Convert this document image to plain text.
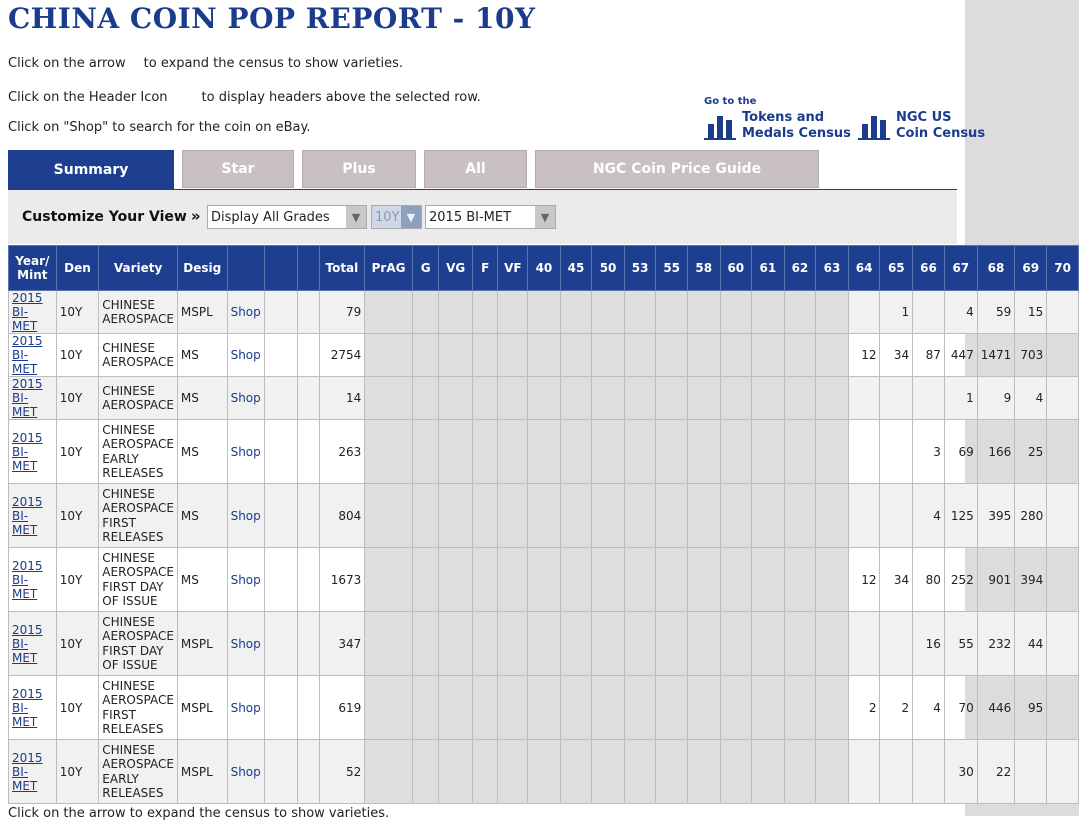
CHINA COIN POP REPORT - 10Y
Click on the arrow to expand the census to show varieties.
Click on the Header Icon	to display headers above the selected row.
Click on "Shop" to search for the coin on eBay.
Go to the
Tokens and
Medals Census
NGC US
Coin Census
Summary	Star	Plus	All	NGC Coin Price Guide
Customize Your View » Display All Grades	▼	10Y ▼	2015 BI-MET	▼
Year/ Mint	Den	Variety	Desig				Total	PrAG	G	VG	F	VF	40	45	50	53	55	58	60	61	62	63	64	65	66	67	68	69	70

2015
BI-MET	10Y	CHINESE
AEROSPACE	MSPL	Shop			79																	1		4	59	15	

2015
BI-MET	10Y	CHINESE
AEROSPACE	MS	Shop			2754																12	34	87	447	1471	703	

2015
BI-MET	10Y	CHINESE
AEROSPACE	MS	Shop			14																			1	9	4	

2015
BI-MET	10Y	CHINESE
AEROSPACE
EARLY
RELEASES	MS	Shop			263																		3	69	166	25	

2015
BI-MET	10Y	CHINESE
AEROSPACE
FIRST
RELEASES	MS	Shop			804																		4	125	395	280	

2015
BI-MET	10Y	CHINESE
AEROSPACE
FIRST DAY
OF ISSUE	MS	Shop			1673																12	34	80	252	901	394	

2015
BI-MET	10Y	CHINESE
AEROSPACE
FIRST DAY
OF ISSUE	MSPL	Shop			347																		16	55	232	44	

2015
BI-MET	10Y	CHINESE
AEROSPACE
FIRST
RELEASES	MSPL	Shop			619																2	2	4	70	446	95	

2015
BI-MET	10Y	CHINESE
AEROSPACE
EARLY
RELEASES	MSPL	Shop			52																			30	22		
Click on the arrow to expand the census to show varieties.
